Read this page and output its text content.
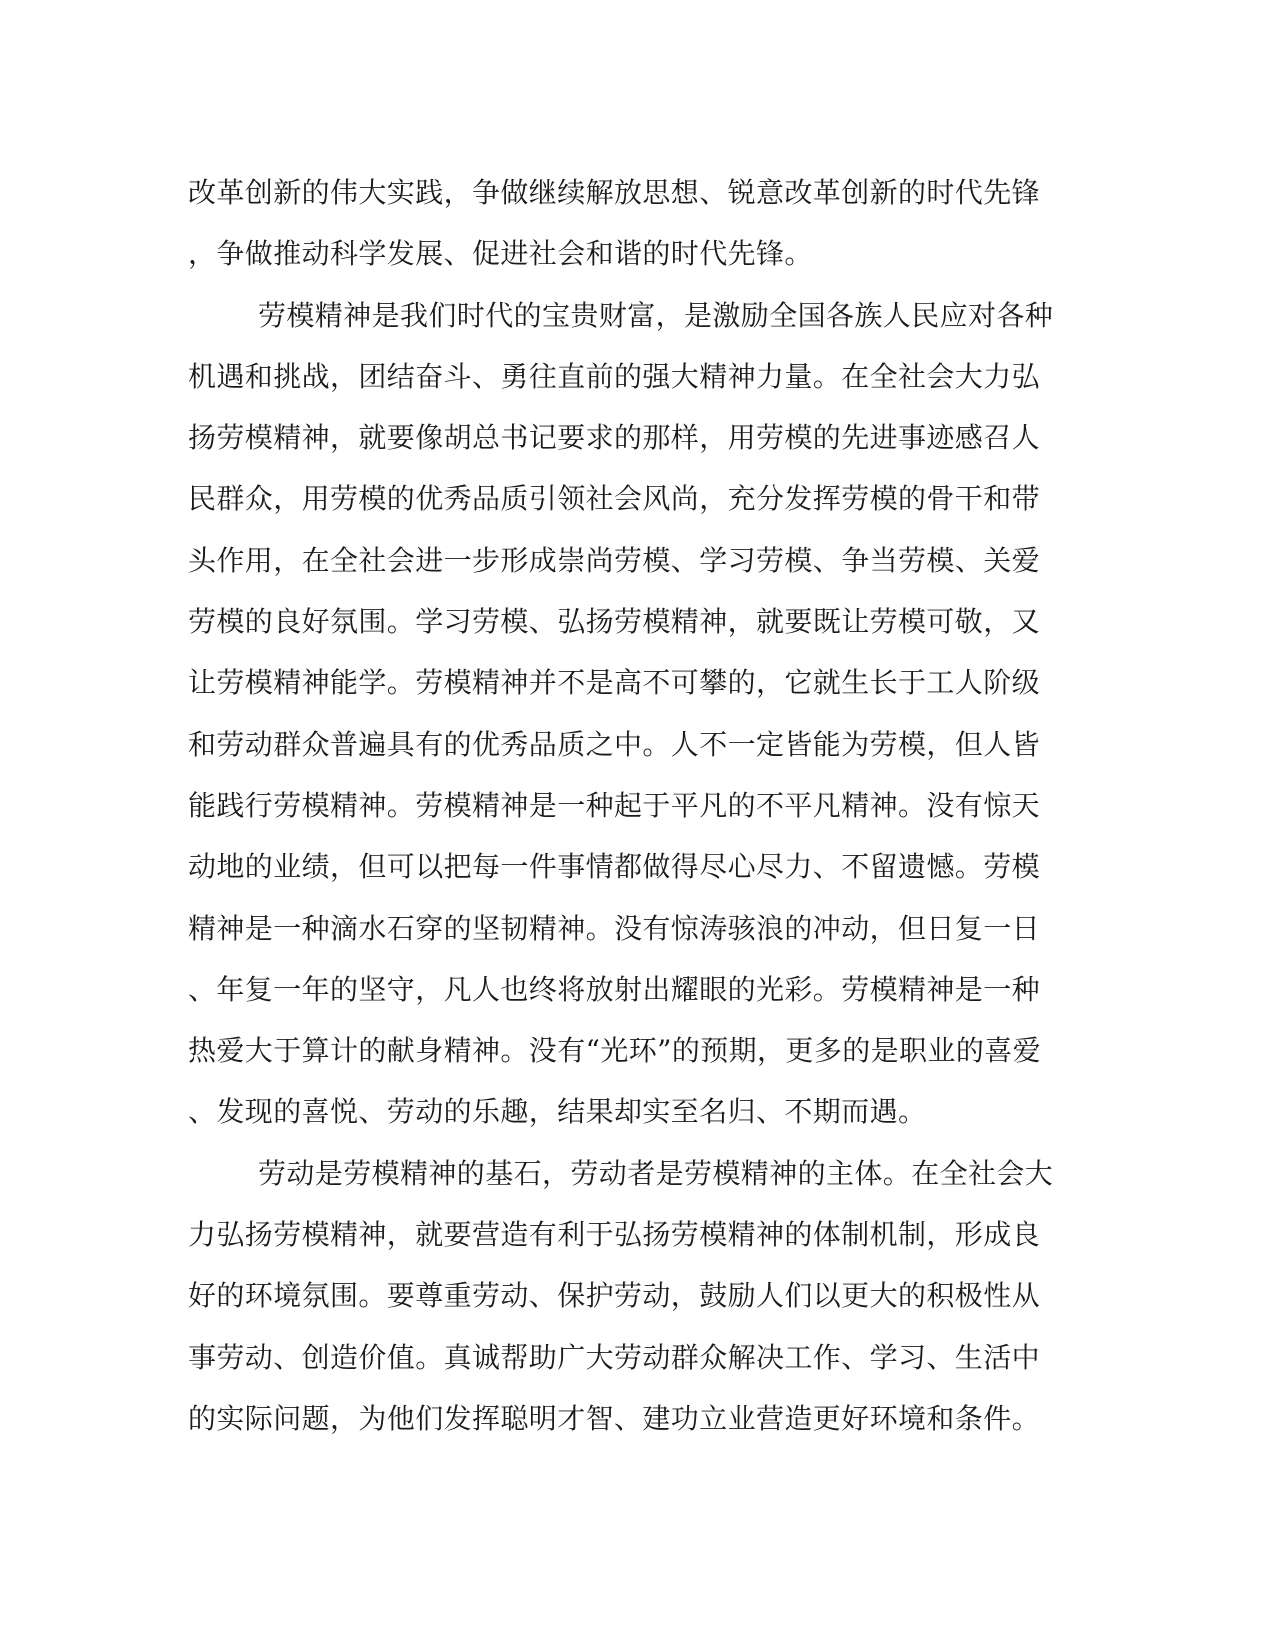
改革创新的伟大实践，争做继续解放思想、锐意改革创新的时代先锋
，争做推动科学发展、促进社会和谐的时代先锋。
劳模精神是我们时代的宝贵财富，是激励全国各族人民应对各种
机遇和挑战，团结奋斗、勇往直前的强大精神力量。在全社会大力弘
扬劳模精神，就要像胡总书记要求的那样，用劳模的先进事迹感召人
民群众，用劳模的优秀品质引领社会风尚，充分发挥劳模的骨干和带
头作用，在全社会进一步形成崇尚劳模、学习劳模、争当劳模、关爱
劳模的良好氛围。学习劳模、弘扬劳模精神，就要既让劳模可敬，又
让劳模精神能学。劳模精神并不是高不可攀的，它就生长于工人阶级
和劳动群众普遍具有的优秀品质之中。人不一定皆能为劳模，但人皆
能践行劳模精神。劳模精神是一种起于平凡的不平凡精神。没有惊天
动地的业绩，但可以把每一件事情都做得尽心尽力、不留遗憾。劳模
精神是一种滴水石穿的坚韧精神。没有惊涛骇浪的冲动，但日复一日
、年复一年的坚守，凡人也终将放射出耀眼的光彩。劳模精神是一种
热爱大于算计的献身精神。没有“光环”的预期，更多的是职业的喜爱
、发现的喜悦、劳动的乐趣，结果却实至名归、不期而遇。
劳动是劳模精神的基石，劳动者是劳模精神的主体。在全社会大
力弘扬劳模精神，就要营造有利于弘扬劳模精神的体制机制，形成良
好的环境氛围。要尊重劳动、保护劳动，鼓励人们以更大的积极性从
事劳动、创造价值。真诚帮助广大劳动群众解决工作、学习、生活中
的实际问题，为他们发挥聪明才智、建功立业营造更好环境和条件。
